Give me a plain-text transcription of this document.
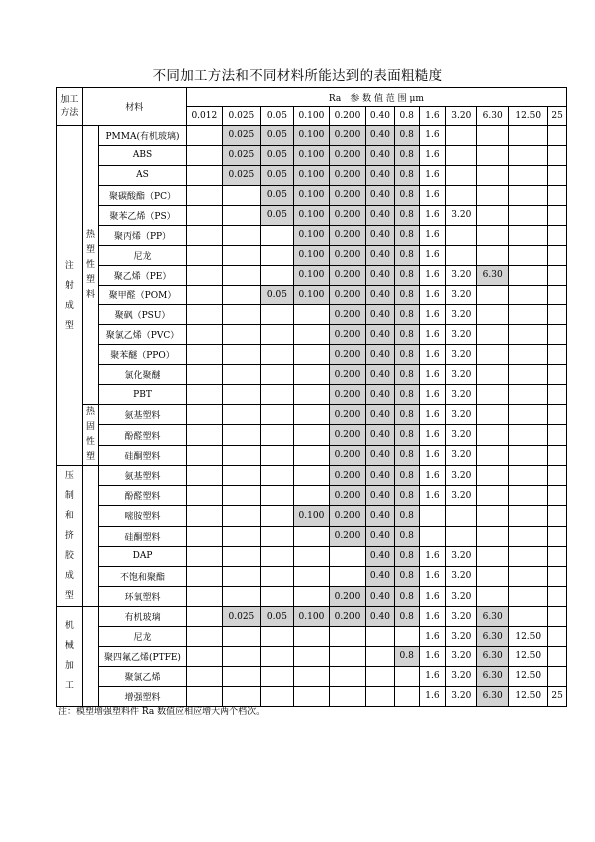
不同加工方法和不同材料所能达到的表面粗糙度
加工方法	材料		Ra　参 数 值 范 围 μm											
			0.012	0.025	0.05	0.100	0.200	0.40	0.8	1.6	3.20	6.30	12.50	25
注射成型	热塑性塑料	PMMA(有机玻璃)		0.025	0.05	0.100	0.200	0.40	0.8	1.6				
		ABS		0.025	0.05	0.100	0.200	0.40	0.8	1.6				
		AS		0.025	0.05	0.100	0.200	0.40	0.8	1.6				
		聚碳酸酯（PC）			0.05	0.100	0.200	0.40	0.8	1.6				
		聚苯乙烯（PS）			0.05	0.100	0.200	0.40	0.8	1.6	3.20			
		聚丙烯（PP）				0.100	0.200	0.40	0.8	1.6				
		尼龙				0.100	0.200	0.40	0.8	1.6				
		聚乙烯（PE）				0.100	0.200	0.40	0.8	1.6	3.20	6.30		
		聚甲醛（POM）			0.05	0.100	0.200	0.40	0.8	1.6	3.20			
		聚砜（PSU）					0.200	0.40	0.8	1.6	3.20			
		聚氯乙烯（PVC）					0.200	0.40	0.8	1.6	3.20			
		聚苯醚（PPO）					0.200	0.40	0.8	1.6	3.20			
		氯化聚醚					0.200	0.40	0.8	1.6	3.20			
		PBT					0.200	0.40	0.8	1.6	3.20			
	热固性塑	氨基塑料					0.200	0.40	0.8	1.6	3.20			
		酚醛塑料					0.200	0.40	0.8	1.6	3.20			
		硅酮塑料					0.200	0.40	0.8	1.6	3.20			
压制和挤胶成型		氨基塑料					0.200	0.40	0.8	1.6	3.20			
		酚醛塑料					0.200	0.40	0.8	1.6	3.20			
		嘧胺塑料				0.100	0.200	0.40	0.8					
		硅酮塑料					0.200	0.40	0.8					
		DAP						0.40	0.8	1.6	3.20			
		不饱和聚酯						0.40	0.8	1.6	3.20			
		环氧塑料					0.200	0.40	0.8	1.6	3.20			
机械加工		有机玻璃		0.025	0.05	0.100	0.200	0.40	0.8	1.6	3.20	6.30		
		尼龙								1.6	3.20	6.30	12.50	
		聚四氟乙烯(PTFE)							0.8	1.6	3.20	6.30	12.50	
		聚氯乙烯								1.6	3.20	6.30	12.50	
		增强塑料								1.6	3.20	6.30	12.50	25
注：模塑增强塑料件 Ra 数值应相应增大两个档次。
